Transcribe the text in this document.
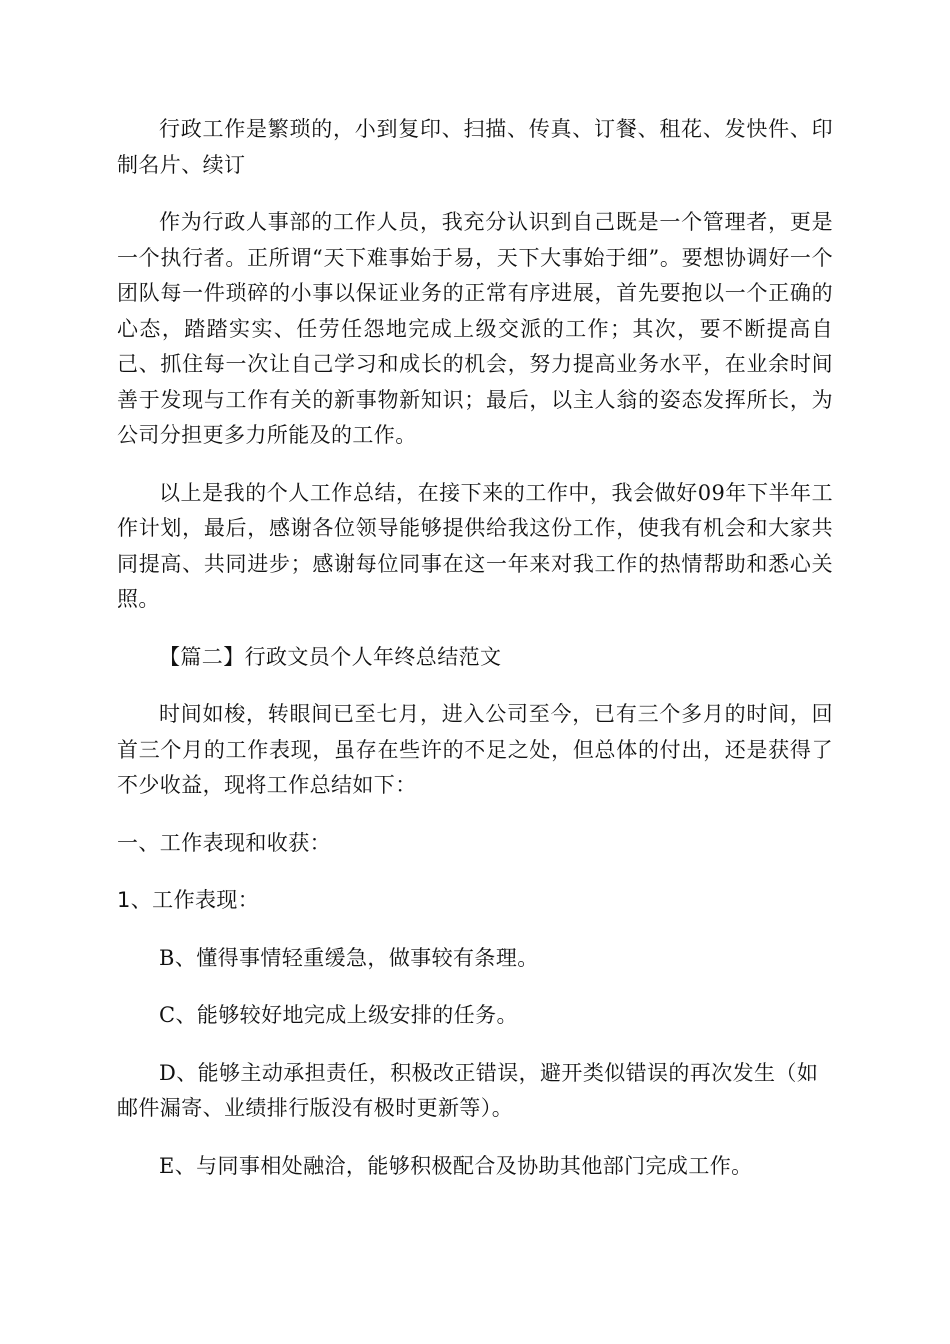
行政工作是繁琐的，小到复印、扫描、传真、订餐、租花、发快件、印制名片、续订

作为行政人事部的工作人员，我充分认识到自己既是一个管理者，更是一个执行者。正所谓“天下难事始于易，天下大事始于细”。要想协调好一个团队每一件琐碎的小事以保证业务的正常有序进展，首先要抱以一个正确的心态，踏踏实实、任劳任怨地完成上级交派的工作；其次，要不断提高自己、抓住每一次让自己学习和成长的机会，努力提高业务水平，在业余时间善于发现与工作有关的新事物新知识；最后，以主人翁的姿态发挥所长，为公司分担更多力所能及的工作。

以上是我的个人工作总结，在接下来的工作中，我会做好09年下半年工作计划，最后，感谢各位领导能够提供给我这份工作，使我有机会和大家共同提高、共同进步；感谢每位同事在这一年来对我工作的热情帮助和悉心关照。

【篇二】行政文员个人年终总结范文

时间如梭，转眼间已至七月，进入公司至今，已有三个多月的时间，回首三个月的工作表现，虽存在些许的不足之处，但总体的付出，还是获得了不少收益，现将工作总结如下：

一、工作表现和收获：

1、工作表现：

B、懂得事情轻重缓急，做事较有条理。

C、能够较好地完成上级安排的任务。

D、能够主动承担责任，积极改正错误，避开类似错误的再次发生（如邮件漏寄、业绩排行版没有极时更新等）。

E、与同事相处融洽，能够积极配合及协助其他部门完成工作。
